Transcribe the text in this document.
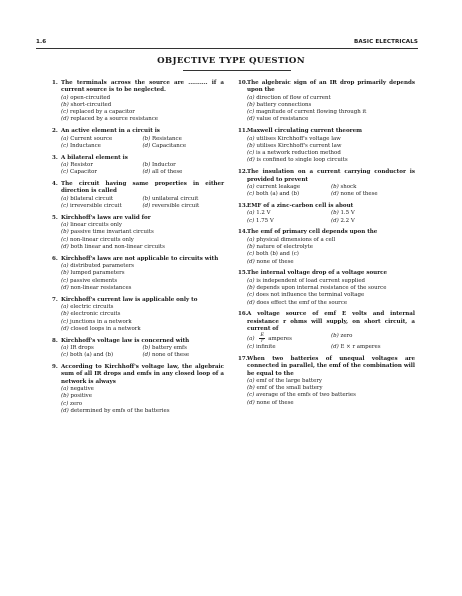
1.6	BASIC ELECTRICALS
OBJECTIVE TYPE QUESTION
1. The terminals across the source are .......... if a current source is to be neglected.
(a) open-circuited
(b) short-circuited
(c) replaced by a capacitor
(d) replaced by a source resistance
2. An active element in a circuit is
(a) Current source	(b) Resistance
(c) Inductance	(d) Capacitance
3. A bilateral element is
(a) Resistor	(b) Inductor
(c) Capacitor	(d) all of these
4. The circuit having same properties in either direction is called
(a) bilateral circuit	(b) unilateral circuit
(c) irreversible circuit	(d) reversible circuit
5. Kirchhoff's laws are valid for
(a) linear circuits only
(b) passive time invariant circuits
(c) non-linear circuits only
(d) both linear and non-linear circuits
6. Kirchhoff's laws are not applicable to circuits with
(a) distributed parameters
(b) lumped parameters
(c) passive elements
(d) non-linear resistances
7. Kirchhoff's current law is applicable only to
(a) electric circuits
(b) electronic circuits
(c) junctions in a network
(d) closed loops in a network
8. Kirchhoff's voltage law is concerned with
(a) IR drops	(b) battery emfs
(c) both (a) and (b)	(d) none of these
9. According to Kirchhoff's voltage law, the algebraic sum of all IR drops and emfs in any closed loop of a network is always
(a) negative
(b) positive
(c) zero
(d) determined by emfs of the batteries
10. The algebraic sign of an IR drop primarily depends upon the
(a) direction of flow of current
(b) battery connections
(c) magnitude of current flowing through it
(d) value of resistance
11. Maxwell circulating current theorem
(a) utilises Kirchhoff's voltage law
(b) utilises Kirchhoff's current law
(c) is a network reduction method
(d) is confined to single loop circuits
12. The insulation on a current carrying conductor is provided to prevent
(a) current leakage	(b) shock
(c) both (a) and (b)	(d) none of these
13. EMF of a zinc-carbon cell is about
(a) 1.2 V	(b) 1.5 V
(c) 1.75 V	(d) 2.2 V
14. The emf of primary cell depends upon the
(a) physical dimensions of a cell
(b) nature of electrolyte
(c) both (b) and (c)
(d) none of these
15. The internal voltage drop of a voltage source
(a) is independent of load current supplied
(b) depends upon internal resistance of the source
(c) does not influence the terminal voltage
(d) does effect the emf of the source
16. A voltage source of emf E volts and internal resistance r ohms will supply, on short circuit, a current of
$(a) \frac{E}{r}$ amperes	(b) zero
(c) infinite	(d) E × r amperes
17. When two batteries of unequal voltages are connected in parallel, the emf of the combination will be equal to the
(a) emf of the large battery
(b) emf of the small battery
(c) average of the emfs of two batteries
(d) none of these
